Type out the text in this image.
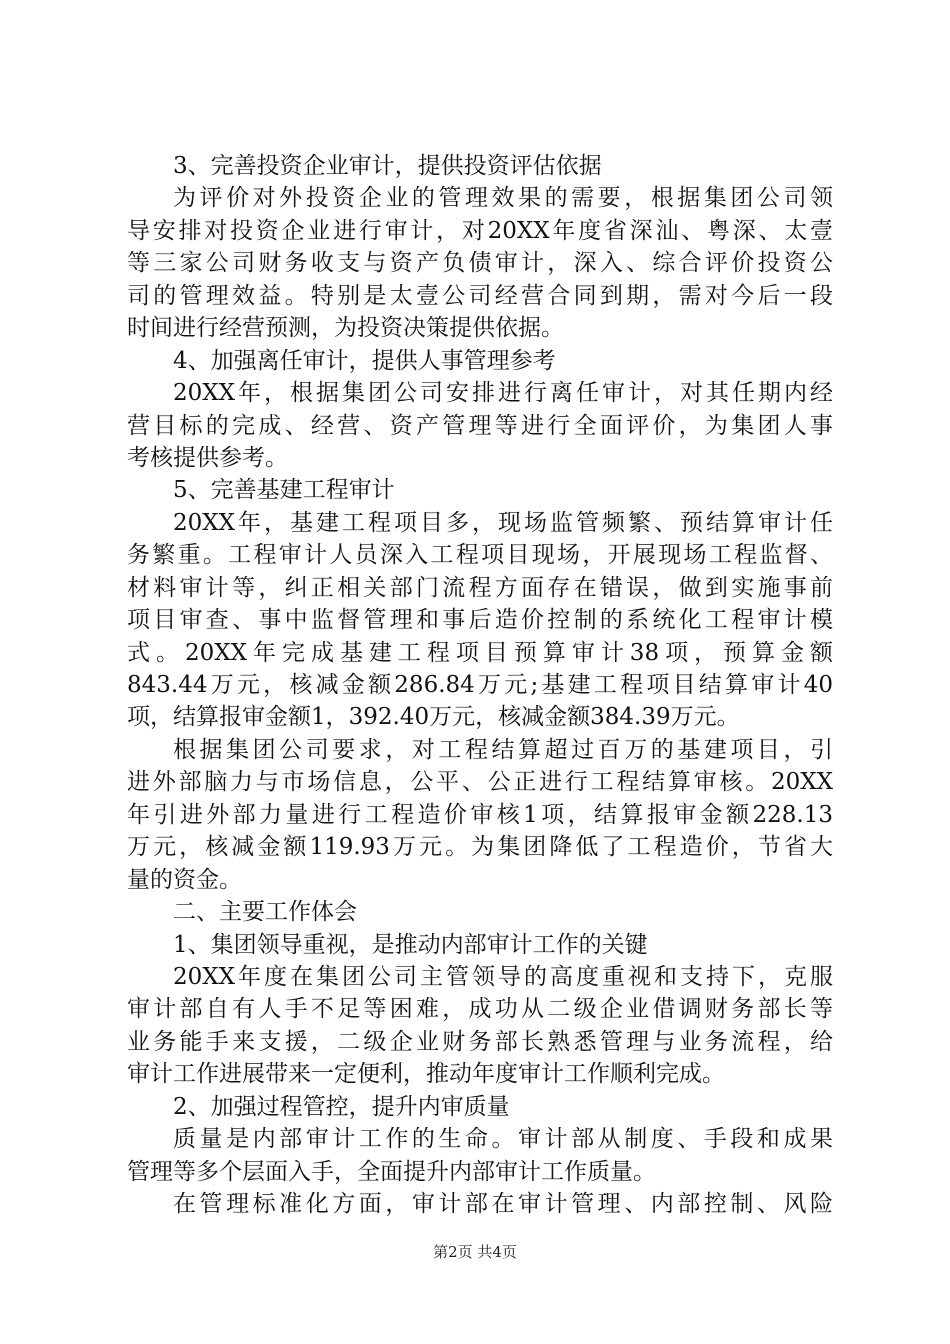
3、完善投资企业审计，提供投资评估依据
为评价对外投资企业的管理效果的需要，根据集团公司领
导安排对投资企业进行审计，对20XX年度省深汕、粤深、太壹
等三家公司财务收支与资产负债审计，深入、综合评价投资公
司的管理效益。特别是太壹公司经营合同到期，需对今后一段
时间进行经营预测，为投资决策提供依据。
4、加强离任审计，提供人事管理参考
20XX年，根据集团公司安排进行离任审计，对其任期内经
营目标的完成、经营、资产管理等进行全面评价，为集团人事
考核提供参考。
5、完善基建工程审计
20XX年，基建工程项目多，现场监管频繁、预结算审计任
务繁重。工程审计人员深入工程项目现场，开展现场工程监督、
材料审计等，纠正相关部门流程方面存在错误，做到实施事前
项目审查、事中监督管理和事后造价控制的系统化工程审计模
式。20XX年完成基建工程项目预算审计38项，预算金额
843.44万元，核减金额286.84万元;基建工程项目结算审计40
项，结算报审金额1，392.40万元，核减金额384.39万元。
根据集团公司要求，对工程结算超过百万的基建项目，引
进外部脑力与市场信息，公平、公正进行工程结算审核。20XX
年引进外部力量进行工程造价审核1项，结算报审金额228.13
万元，核减金额119.93万元。为集团降低了工程造价，节省大
量的资金。
二、主要工作体会
1、集团领导重视，是推动内部审计工作的关键
20XX年度在集团公司主管领导的高度重视和支持下，克服
审计部自有人手不足等困难，成功从二级企业借调财务部长等
业务能手来支援，二级企业财务部长熟悉管理与业务流程，给
审计工作进展带来一定便利，推动年度审计工作顺利完成。
2、加强过程管控，提升内审质量
质量是内部审计工作的生命。审计部从制度、手段和成果
管理等多个层面入手，全面提升内部审计工作质量。
在管理标准化方面，审计部在审计管理、内部控制、风险
第2页 共4页
